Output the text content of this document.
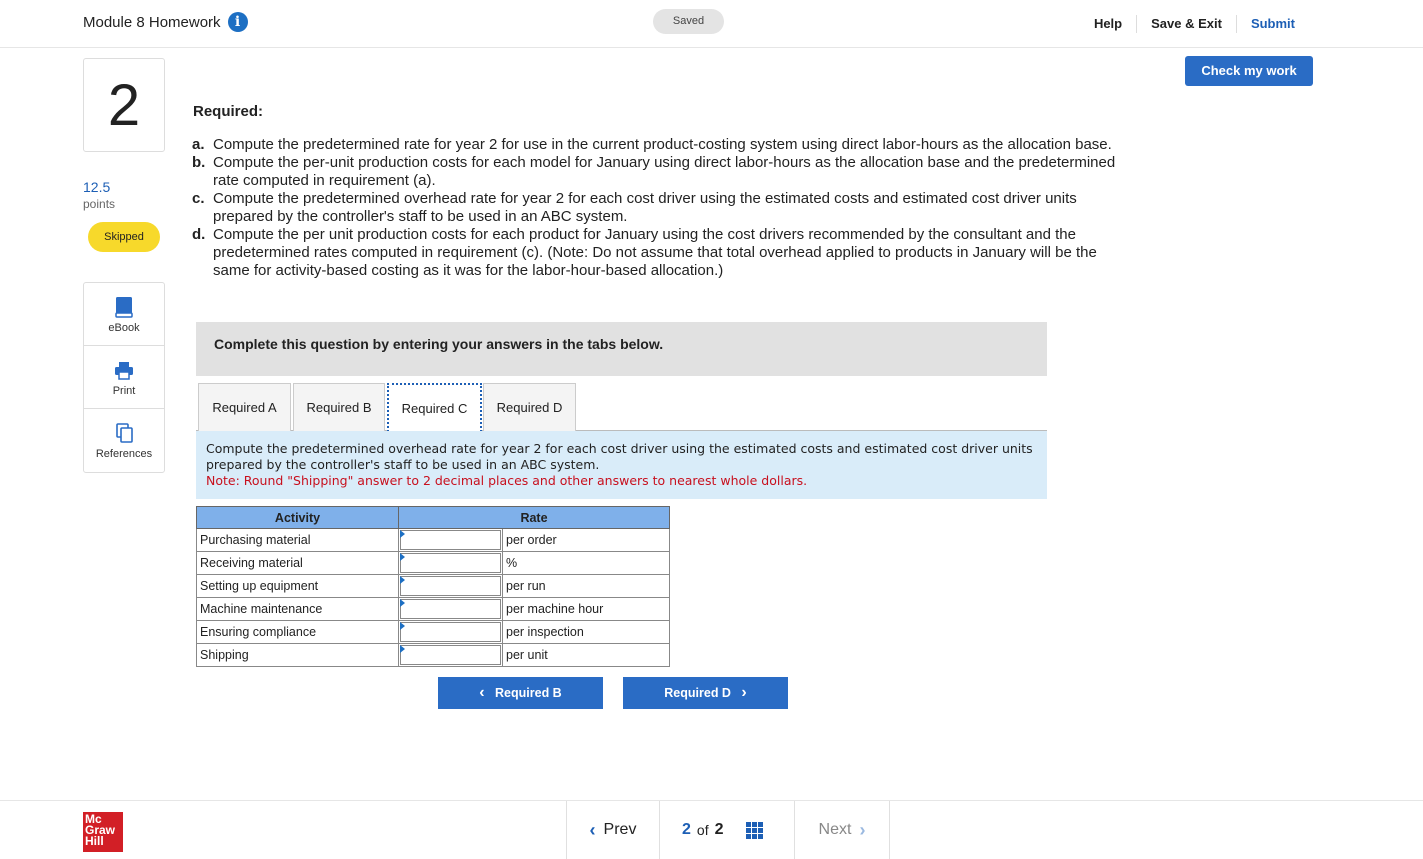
Module 8 Homework	i	Saved	Help	Save & Exit	Submit
2
12.5
points
Skipped
eBook
Print
References
Check my work
Required:
a. Compute the predetermined rate for year 2 for use in the current product-costing system using direct labor-hours as the allocation base.
b. Compute the per-unit production costs for each model for January using direct labor-hours as the allocation base and the predetermined rate computed in requirement (a).
c. Compute the predetermined overhead rate for year 2 for each cost driver using the estimated costs and estimated cost driver units prepared by the controller's staff to be used in an ABC system.
d. Compute the per unit production costs for each product for January using the cost drivers recommended by the consultant and the predetermined rates computed in requirement (c). (Note: Do not assume that total overhead applied to products in January will be the same for activity-based costing as it was for the labor-hour-based allocation.)
Complete this question by entering your answers in the tabs below.
Required A	Required B	Required C	Required D
Compute the predetermined overhead rate for year 2 for each cost driver using the estimated costs and estimated cost driver units prepared by the controller's staff to be used in an ABC system.
Note: Round "Shipping" answer to 2 decimal places and other answers to nearest whole dollars.
Activity	Rate	
Purchasing material		per order
Receiving material		%
Setting up equipment		per run
Machine maintenance		per machine hour
Ensuring compliance		per inspection
Shipping		per unit
‹ Required B	Required D ›
Mc
Graw
Hill
‹ Prev	2 of 2	Next ›
